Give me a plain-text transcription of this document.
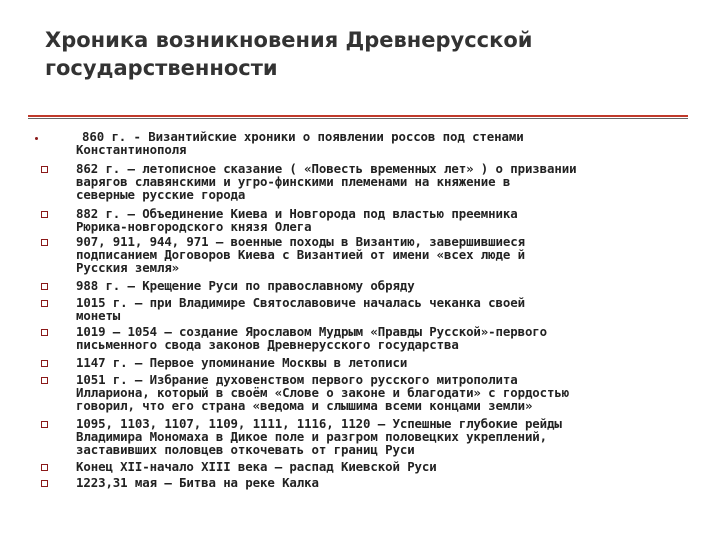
Хроника возникновения Древнерусской
государственности
860 г. - Византийские хроники о появлении россов под стенами
Константинополя
862 г. – летописное сказание ( «Повесть временных лет» ) о призвании
варягов славянскими и угро-финскими племенами на княжение в
северные русские города
882 г. – Объединение Киева и Новгорода под властью преемника
Рюрика-новгородского князя Олега
907, 911, 944, 971 – военные походы в Византию, завершившиеся
подписанием Договоров Киева с Византией от имени «всех люде й
Русския земля»
988 г. – Крещение Руси по православному обряду
1015 г. – при Владимире Святославовиче началась чеканка своей
монеты
1019 – 1054 – создание Ярославом Мудрым «Правды Русской»-первого
письменного свода законов Древнерусского государства
1147 г. – Первое упоминание Москвы в летописи
1051 г. – Избрание духовенством первого русского митрополита
Иллариона, который в своём «Слове о законе и благодати» с гордостью
говорил, что его страна «ведома и слышима всеми концами земли»
1095, 1103, 1107, 1109, 1111, 1116, 1120 – Успешные глубокие рейды
Владимира Мономаха в Дикое поле и разгром половецких укреплений,
заставивших половцев откочевать от границ Руси
Конец XII-начало XIII века – распад Киевской Руси
1223,31 мая – Битва на реке Калка
